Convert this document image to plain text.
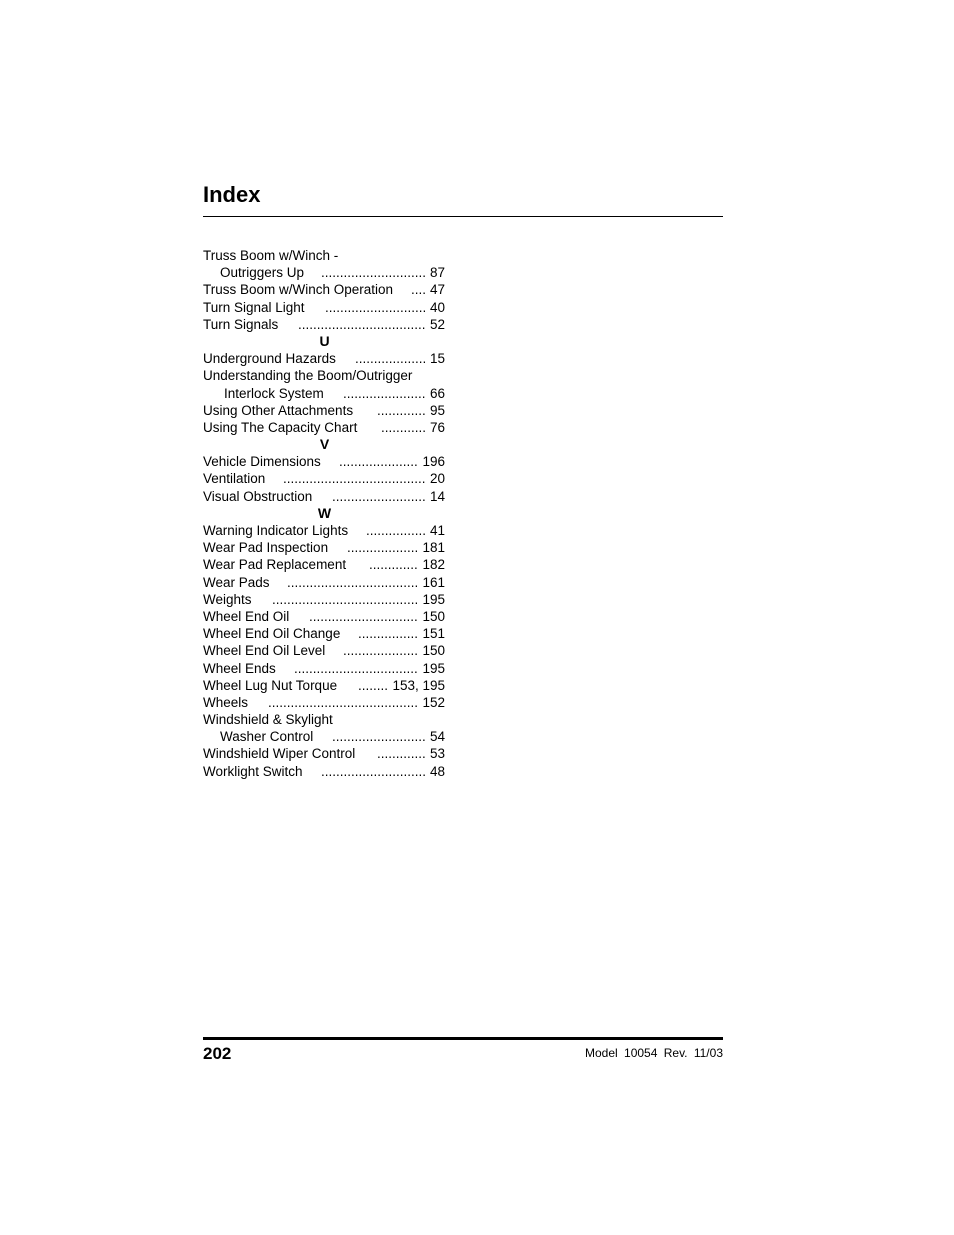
Index
Truss Boom w/Winch -
Outriggers Up	87
............................
Truss Boom w/Winch Operation	47
....
Turn Signal Light	40
...........................
Turn Signals	52
..................................
U
Underground Hazards	15
...................
Understanding the Boom/Outrigger
Interlock System	66
......................
Using Other Attachments	95
.............
Using The Capacity Chart	76
............
V
Vehicle Dimensions	196
.....................
Ventilation	20
......................................
Visual Obstruction	14
.........................
W
Warning Indicator Lights	41
................
Wear Pad Inspection	181
...................
Wear Pad Replacement	182
.............
Wear Pads	161
...................................
Weights	195
.......................................
Wheel End Oil	150
.............................
Wheel End Oil Change	151
................
Wheel End Oil Level	150
....................
Wheel Ends	195
.................................
Wheel Lug Nut Torque	153, 195
........
Wheels	152
........................................
Windshield & Skylight
Washer Control	54
.........................
Windshield Wiper Control	53
.............
Worklight Switch	48
............................
202	Model 10054 Rev. 11/03
